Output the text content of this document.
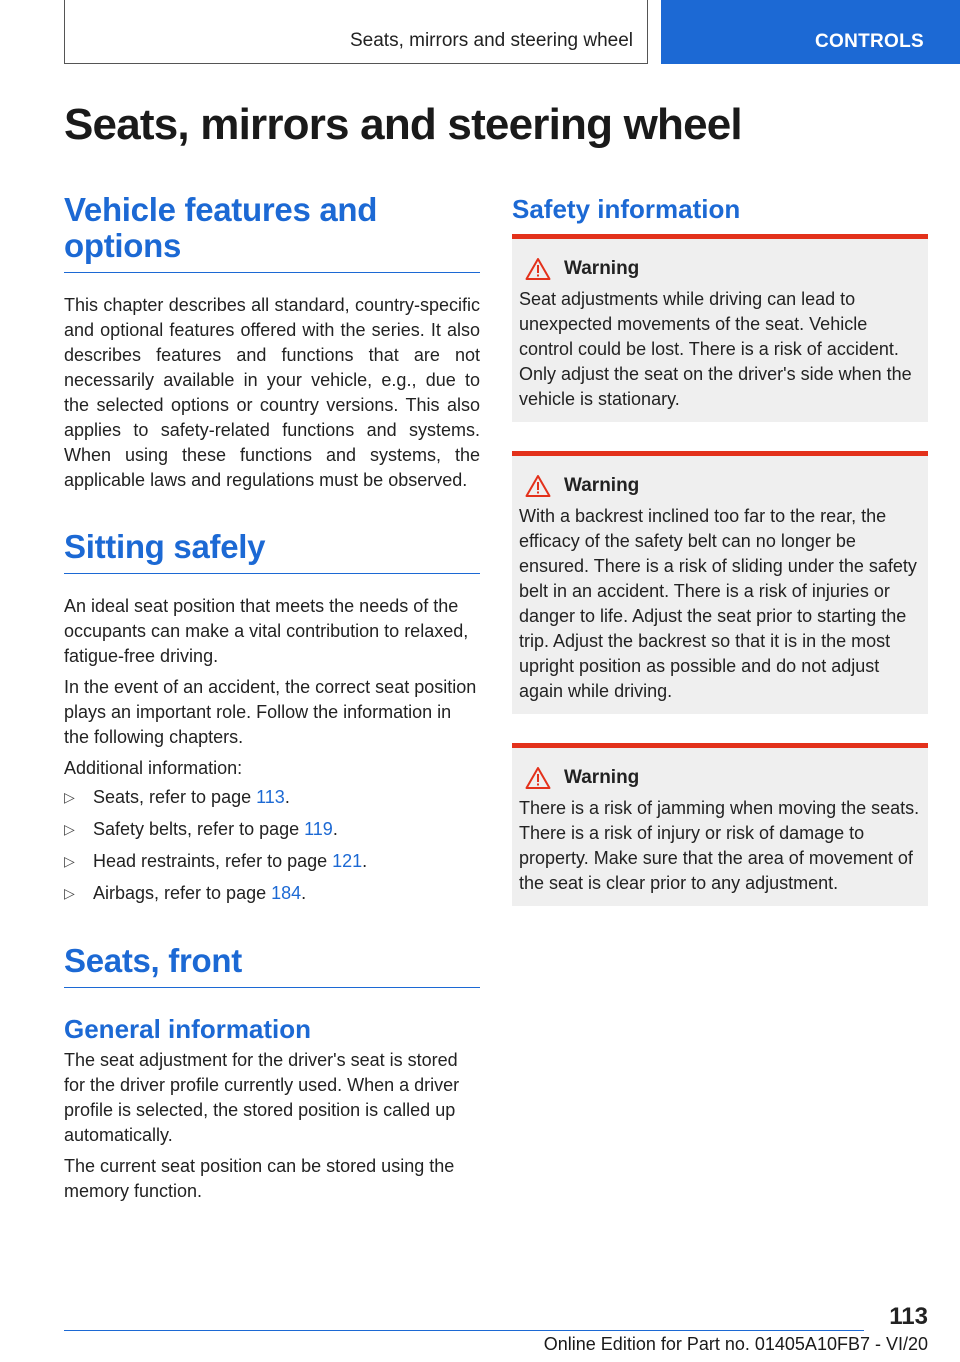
Seats, mirrors and steering wheel	CONTROLS
Seats, mirrors and steering wheel
Vehicle features and
options

This chapter describes all standard, country-specific and optional features offered with the series. It also describes features and functions that are not necessarily available in your vehicle, e.g., due to the selected options or country versions. This also applies to safety-related functions and systems. When using these functions and systems, the applicable laws and regulations must be observed.

Sitting safely

An ideal seat position that meets the needs of the occupants can make a vital contribution to relaxed, fatigue-free driving.

In the event of an accident, the correct seat position plays an important role. Follow the information in the following chapters.

Additional information:

▷ Seats, refer to page 113.
▷ Safety belts, refer to page 119.
▷ Head restraints, refer to page 121.
▷ Airbags, refer to page 184.
Seats, front
General information

The seat adjustment for the driver's seat is stored for the driver profile currently used. When a driver profile is selected, the stored position is called up automatically.

The current seat position can be stored using the memory function.

Safety information
Warning

Seat adjustments while driving can lead to unexpected movements of the seat. Vehicle control could be lost. There is a risk of accident. Only adjust the seat on the driver's side when the vehicle is stationary.

Warning

With a backrest inclined too far to the rear, the efficacy of the safety belt can no longer be ensured. There is a risk of sliding under the safety belt in an accident. There is a risk of injuries or danger to life. Adjust the seat prior to starting the trip. Adjust the backrest so that it is in the most upright position as possible and do not adjust again while driving.

Warning

There is a risk of jamming when moving the seats. There is a risk of injury or risk of damage to property. Make sure that the area of movement of the seat is clear prior to any adjustment.

113
Online Edition for Part no. 01405A10FB7 - VI/20
